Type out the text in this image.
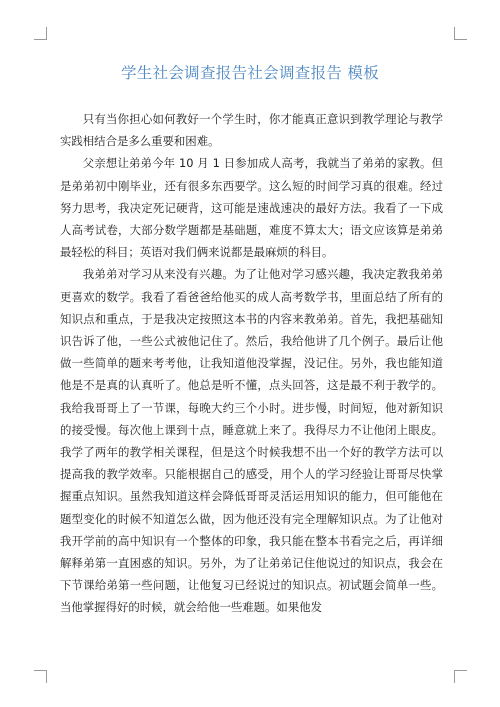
学生社会调查报告社会调查报告 模板

只有当你担心如何教好一个学生时，你才能真正意识到教学理论与教学实践相结合是多么重要和困难。

父亲想让弟弟今年 10 月 1 日参加成人高考，我就当了弟弟的家教。但是弟弟初中刚毕业，还有很多东西要学。这么短的时间学习真的很难。经过努力思考，我决定死记硬背，这可能是速战速决的最好方法。我看了一下成人高考试卷，大部分数学题都是基础题，难度不算太大；语文应该算是弟弟最轻松的科目；英语对我们俩来说都是最麻烦的科目。

我弟弟对学习从来没有兴趣。为了让他对学习感兴趣，我决定教我弟弟更喜欢的数学。我看了看爸爸给他买的成人高考数学书，里面总结了所有的知识点和重点，于是我决定按照这本书的内容来教弟弟。首先，我把基础知识告诉了他，一些公式被他记住了。然后，我给他讲了几个例子。最后让他做一些简单的题来考考他，让我知道他没掌握，没记住。另外，我也能知道他是不是真的认真听了。他总是听不懂，点头回答，这是最不利于教学的。我给我哥哥上了一节课，每晚大约三个小时。进步慢，时间短，他对新知识的接受慢。每次他上课到十点，睡意就上来了。我得尽力不让他闭上眼皮。我学了两年的教学相关课程，但是这个时候我想不出一个好的教学方法可以提高我的教学效率。只能根据自己的感受，用个人的学习经验让哥哥尽快掌握重点知识。虽然我知道这样会降低哥哥灵活运用知识的能力，但可能他在题型变化的时候不知道怎么做，因为他还没有完全理解知识点。为了让他对我开学前的高中知识有一个整体的印象，我只能在整本书看完之后，再详细解释弟第一直困惑的知识。另外，为了让弟弟记住他说过的知识点，我会在下节课给弟第一些问题，让他复习已经说过的知识点。初试题会简单一些。当他掌握得好的时候，就会给他一些难题。如果他发
